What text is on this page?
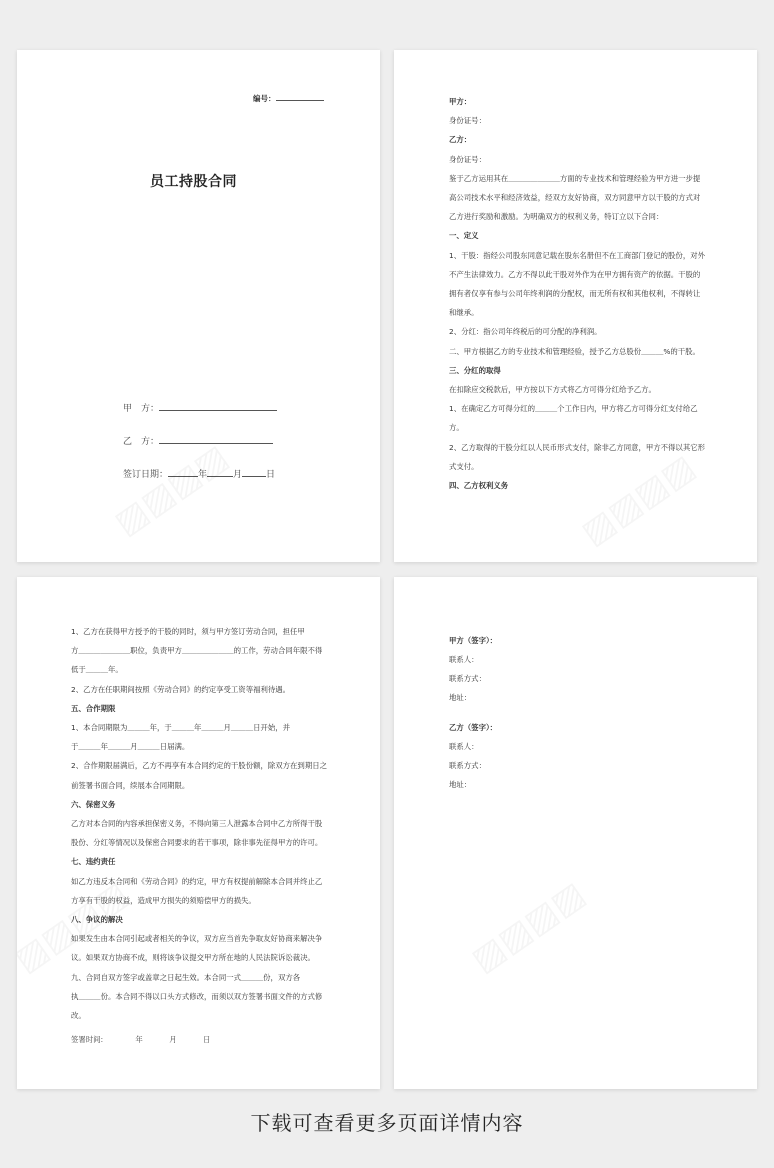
编号：
员工持股合同
甲　方：
乙　方：
签订日期：	年	月	日
甲方：
身份证号：
乙方：
身份证号：
鉴于乙方运用其在＿＿＿＿＿＿＿方面的专业技术和管理经验为甲方进一步提
高公司技术水平和经济效益，经双方友好协商，双方同意甲方以干股的方式对
乙方进行奖励和激励。为明确双方的权利义务，特订立以下合同：
一、定义
1、干股：指经公司股东同意记载在股东名册但不在工商部门登记的股份，对外
不产生法律效力。乙方不得以此干股对外作为在甲方拥有资产的依据。干股的
拥有者仅享有参与公司年终利润的分配权，而无所有权和其他权利，不得转让
和继承。
2、分红：指公司年终税后的可分配的净利润。
二、甲方根据乙方的专业技术和管理经验，授予乙方总股份＿＿＿%的干股。
三、分红的取得
在扣除应交税款后，甲方按以下方式将乙方可得分红给予乙方。
1、在确定乙方可得分红的＿＿＿个工作日内，甲方将乙方可得分红支付给乙
方。
2、乙方取得的干股分红以人民币形式支付，除非乙方同意，甲方不得以其它形
式支付。
四、乙方权利义务
1、乙方在获得甲方授予的干股的同时，须与甲方签订劳动合同，担任甲
方＿＿＿＿＿＿＿职位，负责甲方＿＿＿＿＿＿＿的工作，劳动合同年限不得
低于＿＿＿年。
2、乙方在任职期间按照《劳动合同》的约定享受工资等福利待遇。
五、合作期限
1、本合同期限为＿＿＿年，于＿＿＿年＿＿＿月＿＿＿日开始，并
于＿＿＿年＿＿＿月＿＿＿日届满。
2、合作期限届满后，乙方不再享有本合同约定的干股份额，除双方在到期日之
前签署书面合同，续展本合同期限。
六、保密义务
乙方对本合同的内容承担保密义务，不得向第三人泄露本合同中乙方所得干股
股份、分红等情况以及保密合同要求的若干事项，除非事先征得甲方的许可。
七、违约责任
如乙方违反本合同和《劳动合同》的约定，甲方有权提前解除本合同并终止乙
方享有干股的权益，造成甲方损失的须赔偿甲方的损失。
八、争议的解决
如果发生由本合同引起或者相关的争议，双方应当首先争取友好协商来解决争
议。如果双方协商不成，则将该争议提交甲方所在地的人民法院诉讼裁决。
九、合同自双方签字或盖章之日起生效。本合同一式＿＿＿份，双方各
执＿＿＿份。本合同不得以口头方式修改，而须以双方签署书面文件的方式修
改。
签署时间:	年	月	日
甲方（签字）：
联系人：
联系方式：
地址：
乙方（签字）：
联系人：
联系方式：
地址：
下载可查看更多页面详情内容
